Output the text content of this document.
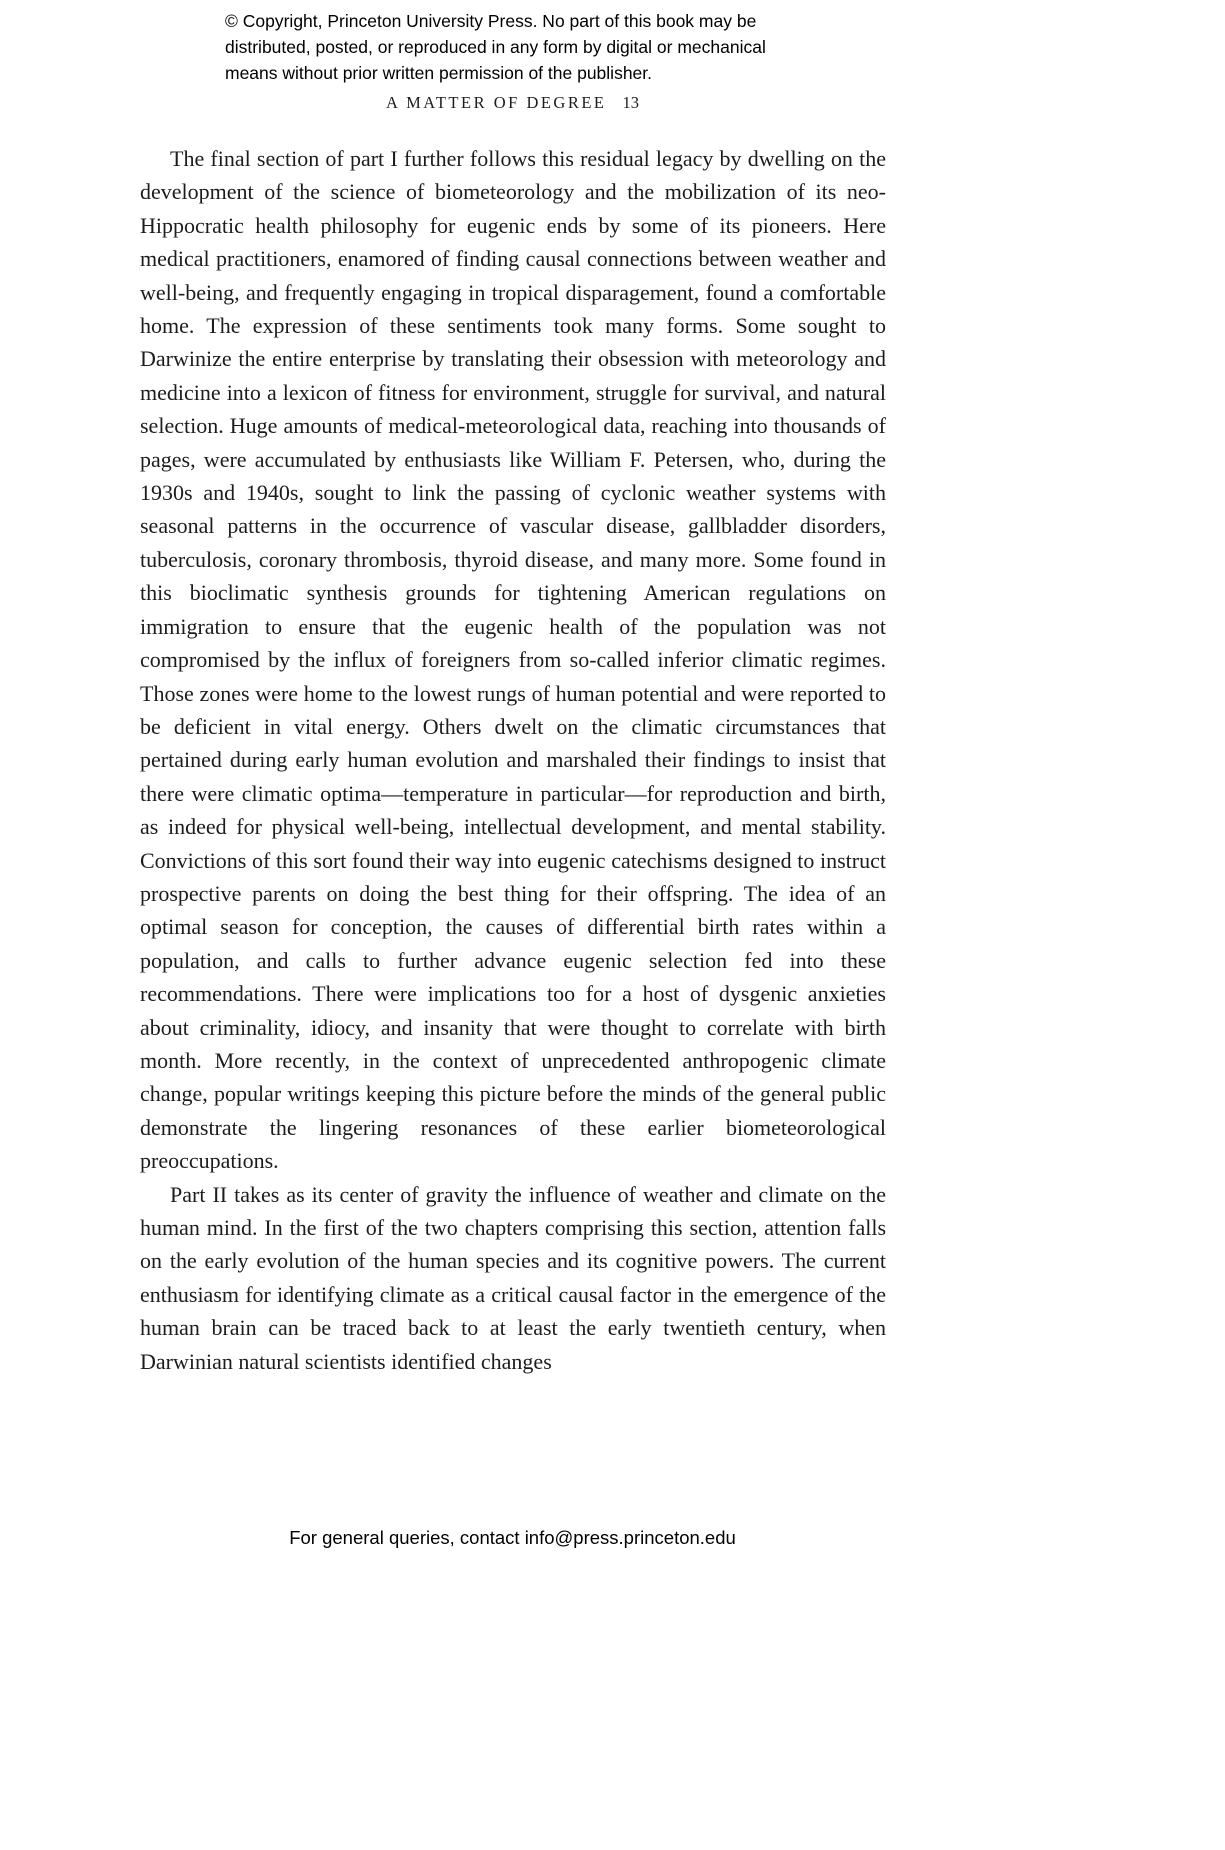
© Copyright, Princeton University Press. No part of this book may be
distributed, posted, or reproduced in any form by digital or mechanical
means without prior written permission of the publisher.
A MATTER OF DEGREE 13

The final section of part I further follows this residual legacy by dwelling on the development of the science of biometeorology and the mobilization of its neo-Hippocratic health philosophy for eugenic ends by some of its pioneers. Here medical practitioners, enamored of finding causal connections between weather and well-being, and frequently engaging in tropical disparagement, found a comfortable home. The expression of these sentiments took many forms. Some sought to Darwinize the entire enterprise by translating their obsession with meteorology and medicine into a lexicon of fitness for environment, struggle for survival, and natural selection. Huge amounts of medical-meteorological data, reaching into thousands of pages, were accumulated by enthusiasts like William F. Petersen, who, during the 1930s and 1940s, sought to link the passing of cyclonic weather systems with seasonal patterns in the occurrence of vascular disease, gallbladder disorders, tuberculosis, coronary thrombosis, thyroid disease, and many more. Some found in this bioclimatic synthesis grounds for tightening American regulations on immigration to ensure that the eugenic health of the population was not compromised by the influx of foreigners from so-called inferior climatic regimes. Those zones were home to the lowest rungs of human potential and were reported to be deficient in vital energy. Others dwelt on the climatic circumstances that pertained during early human evolution and marshaled their findings to insist that there were climatic optima—temperature in particular—for reproduction and birth, as indeed for physical well-being, intellectual development, and mental stability. Convictions of this sort found their way into eugenic catechisms designed to instruct prospective parents on doing the best thing for their offspring. The idea of an optimal season for conception, the causes of differential birth rates within a population, and calls to further advance eugenic selection fed into these recommendations. There were implications too for a host of dysgenic anxieties about criminality, idiocy, and insanity that were thought to correlate with birth month. More recently, in the context of unprecedented anthropogenic climate change, popular writings keeping this picture before the minds of the general public demonstrate the lingering resonances of these earlier biometeorological preoccupations.

Part II takes as its center of gravity the influence of weather and climate on the human mind. In the first of the two chapters comprising this section, attention falls on the early evolution of the human species and its cognitive powers. The current enthusiasm for identifying climate as a critical causal factor in the emergence of the human brain can be traced back to at least the early twentieth century, when Darwinian natural scientists identified changes

For general queries, contact info@press.princeton.edu
